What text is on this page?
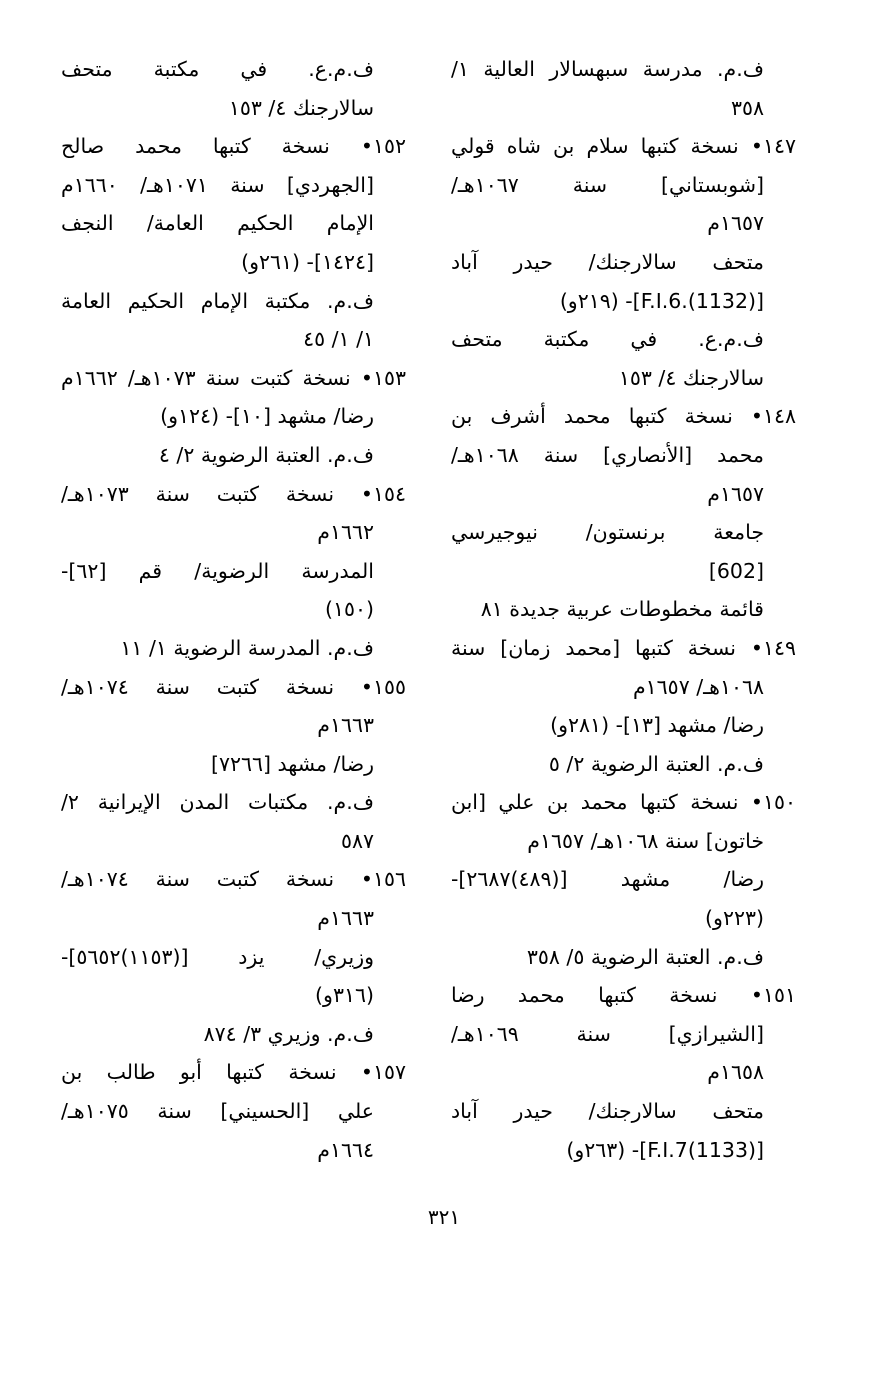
ف.م. مدرسة سبهسالار العالية ١/
٣٥٨
١٤٧• نسخة كتبها سلام بن شاه قولي
[شوبستاني] سنة ١٠٦٧هـ/
١٦٥٧م
متحف سالارجنك/ حيدر آباد
[F.I.6.(1132)]- (٢١٩و)
ف.م.ع. في مكتبة متحف
سالارجنك ٤/ ١٥٣
١٤٨• نسخة كتبها محمد أشرف بن
محمد [الأنصاري] سنة ١٠٦٨هـ/
١٦٥٧م
جامعة برنستون/ نيوجيرسي
[602]
قائمة مخطوطات عربية جديدة ٨١
١٤٩• نسخة كتبها [محمد زمان] سنة
١٠٦٨هـ/ ١٦٥٧م
رضا/ مشهد [١٣]- (٢٨١و)
ف.م. العتبة الرضوية ٢/ ٥
١٥٠• نسخة كتبها محمد بن علي [ابن
خاتون] سنة ١٠٦٨هـ/ ١٦٥٧م
رضا/ مشهد [(٤٨٩)٢٦٨٧]-
(٢٢٣و)
ف.م. العتبة الرضوية ٥/ ٣٥٨
١٥١• نسخة كتبها محمد رضا
[الشيرازي] سنة ١٠٦٩هـ/
١٦٥٨م
متحف سالارجنك/ حيدر آباد
[F.I.7(1133)]- (٢٦٣و)
ف.م.ع. في مكتبة متحف
سالارجنك ٤/ ١٥٣
١٥٢• نسخة كتبها محمد صالح
[الجهردي] سنة ١٠٧١هـ/ ١٦٦٠م
الإمام الحكيم العامة/ النجف
[١٤٢٤]- (٢٦١و)
ف.م. مكتبة الإمام الحكيم العامة
١/ ١/ ٤٥
١٥٣• نسخة كتبت سنة ١٠٧٣هـ/ ١٦٦٢م
رضا/ مشهد [١٠]- (١٢٤و)
ف.م. العتبة الرضوية ٢/ ٤
١٥٤• نسخة كتبت سنة ١٠٧٣هـ/
١٦٦٢م
المدرسة الرضوية/ قم [٦٢]-
(١٥٠)
ف.م. المدرسة الرضوية ١/ ١١
١٥٥• نسخة كتبت سنة ١٠٧٤هـ/
١٦٦٣م
رضا/ مشهد [٧٢٦٦]
ف.م. مكتبات المدن الإيرانية ٢/
٥٨٧
١٥٦• نسخة كتبت سنة ١٠٧٤هـ/
١٦٦٣م
وزيري/ يزد [(١١٥٣)٥٦٥٢]-
(٣١٦و)
ف.م. وزيري ٣/ ٨٧٤
١٥٧• نسخة كتبها أبو طالب بن
علي [الحسيني] سنة ١٠٧٥هـ/
١٦٦٤م
٣٢١
